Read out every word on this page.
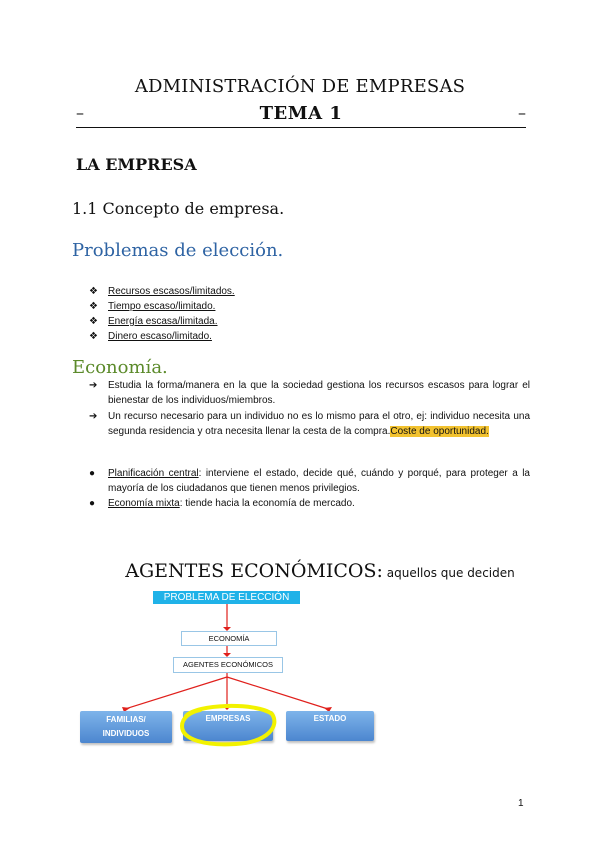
ADMINISTRACIÓN DE EMPRESAS
–	TEMA 1	–
LA EMPRESA
1.1 Concepto de empresa.
Problemas de elección.
❖	Recursos escasos/limitados.
❖	Tiempo escaso/limitado.
❖	Energía escasa/limitada.
❖	Dinero escaso/limitado.
Economía.
➔	Estudia la forma/manera en la que la sociedad gestiona los recursos escasos para lograr el bienestar de los individuos/miembros.
➔	Un recurso necesario para un individuo no es lo mismo para el otro, ej: individuo necesita una segunda residencia y otra necesita llenar la cesta de la compra.Coste de oportunidad.
●	Planificación central: interviene el estado, decide qué, cuándo y porqué, para proteger a la mayoría de los ciudadanos que tienen menos privilegios.
●	Economía mixta: tiende hacia la economía de mercado.
AGENTES ECONÓMICOS: aquellos que deciden
PROBLEMA DE ELECCIÓN
ECONOMÍA
AGENTES ECONÓMICOS
FAMILIAS/
INDIVIDUOS
EMPRESAS	ESTADO
1
